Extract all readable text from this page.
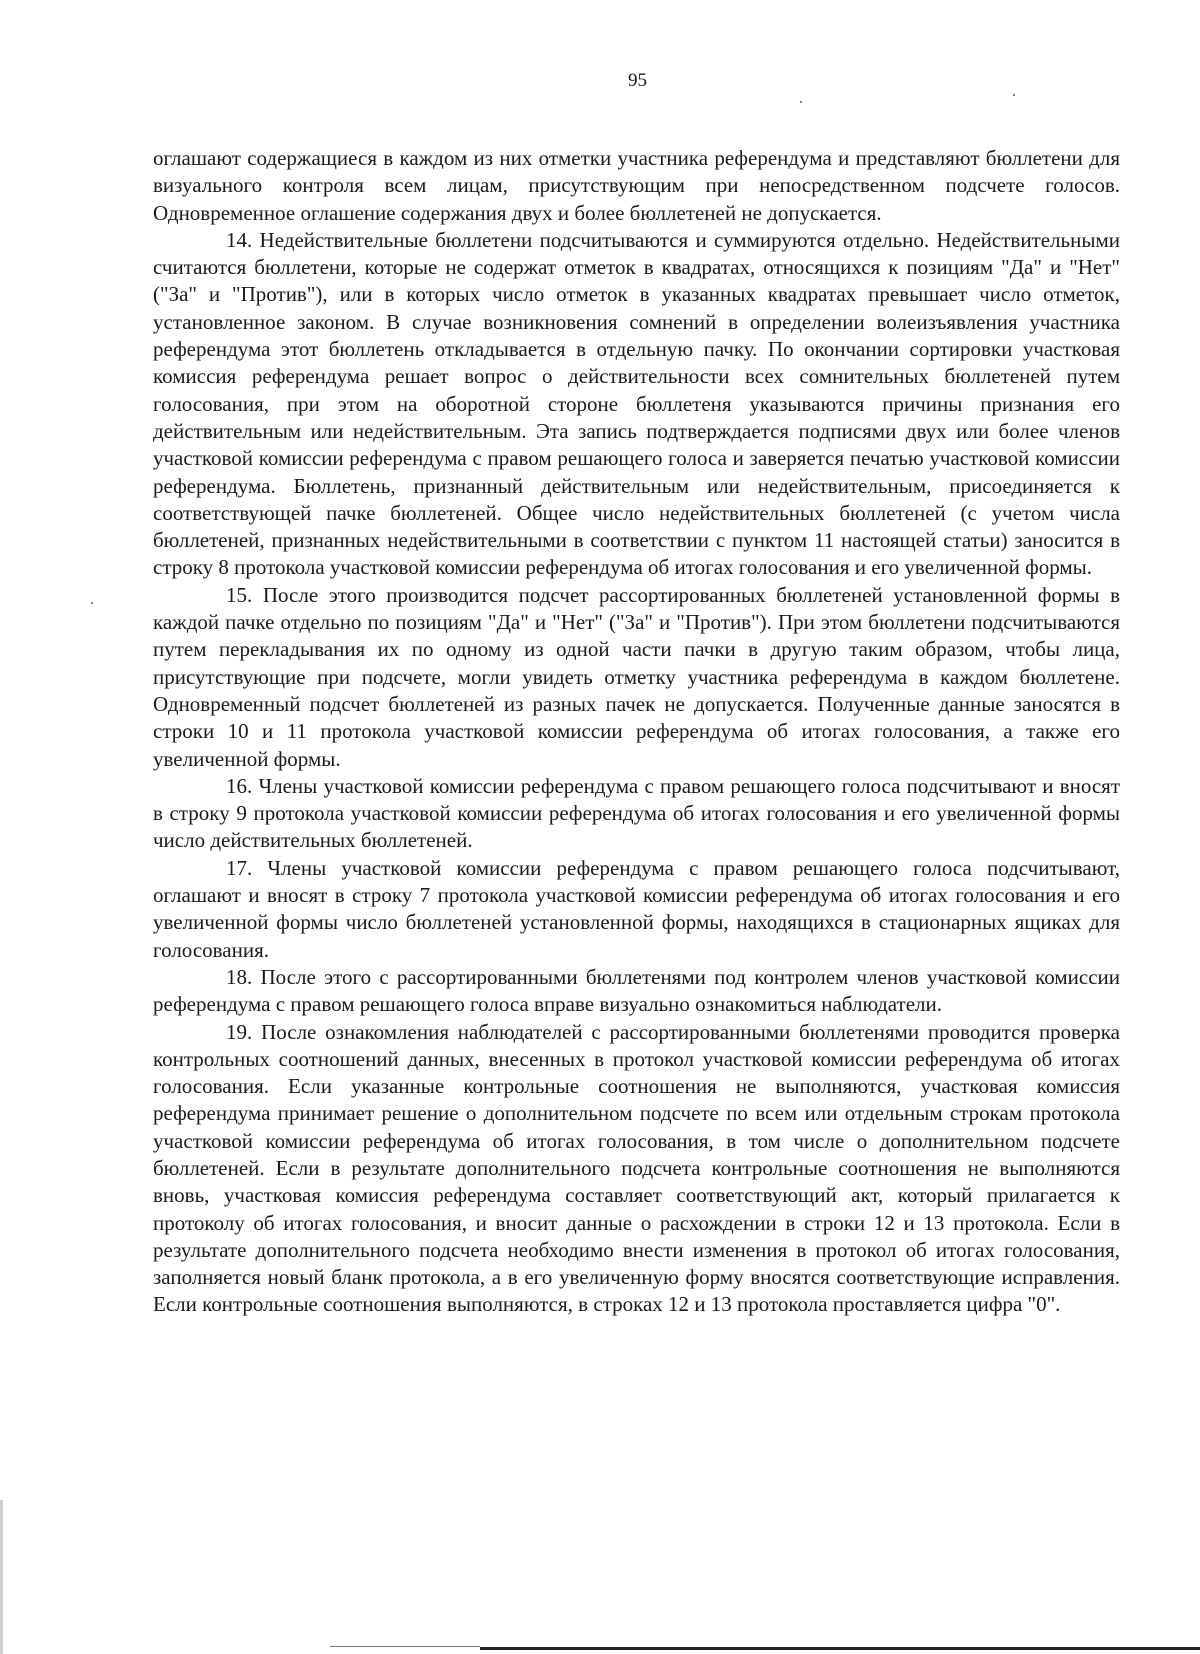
95

оглашают содержащиеся в каждом из них отметки участника референдума и представляют бюллетени для визуального контроля всем лицам, присутствующим при непосредственном подсчете голосов. Одновременное оглашение содержания двух и более бюллетеней не допускается.

14. Недействительные бюллетени подсчитываются и суммируются отдельно. Недействительными считаются бюллетени, которые не содержат отметок в квадратах, относящихся к позициям "Да" и "Нет" ("За" и "Против"), или в которых число отметок в указанных квадратах превышает число отметок, установленное законом. В случае возникновения сомнений в определении волеизъявления участника референдума этот бюллетень откладывается в отдельную пачку. По окончании сортировки участковая комиссия референдума решает вопрос о действительности всех сомнительных бюллетеней путем голосования, при этом на оборотной стороне бюллетеня указываются причины признания его действительным или недействительным. Эта запись подтверждается подписями двух или более членов участковой комиссии референдума с правом решающего голоса и заверяется печатью участковой комиссии референдума. Бюллетень, признанный действительным или недействительным, присоединяется к соответствующей пачке бюллетеней. Общее число недействительных бюллетеней (с учетом числа бюллетеней, признанных недействительными в соответствии с пунктом 11 настоящей статьи) заносится в строку 8 протокола участковой комиссии референдума об итогах голосования и его увеличенной формы.

15. После этого производится подсчет рассортированных бюллетеней установленной формы в каждой пачке отдельно по позициям "Да" и "Нет" ("За" и "Против"). При этом бюллетени подсчитываются путем перекладывания их по одному из одной части пачки в другую таким образом, чтобы лица, присутствующие при подсчете, могли увидеть отметку участника референдума в каждом бюллетене. Одновременный подсчет бюллетеней из разных пачек не допускается. Полученные данные заносятся в строки 10 и 11 протокола участковой комиссии референдума об итогах голосования, а также его увеличенной формы.

16. Члены участковой комиссии референдума с правом решающего голоса подсчитывают и вносят в строку 9 протокола участковой комиссии референдума об итогах голосования и его увеличенной формы число действительных бюллетеней.

17. Члены участковой комиссии референдума с правом решающего голоса подсчитывают, оглашают и вносят в строку 7 протокола участковой комиссии референдума об итогах голосования и его увеличенной формы число бюллетеней установленной формы, находящихся в стационарных ящиках для голосования.

18. После этого с рассортированными бюллетенями под контролем членов участковой комиссии референдума с правом решающего голоса вправе визуально ознакомиться наблюдатели.

19. После ознакомления наблюдателей с рассортированными бюллетенями проводится проверка контрольных соотношений данных, внесенных в протокол участковой комиссии референдума об итогах голосования. Если указанные контрольные соотношения не выполняются, участковая комиссия референдума принимает решение о дополнительном подсчете по всем или отдельным строкам протокола участковой комиссии референдума об итогах голосования, в том числе о дополнительном подсчете бюллетеней. Если в результате дополнительного подсчета контрольные соотношения не выполняются вновь, участковая комиссия референдума составляет соответствующий акт, который прилагается к протоколу об итогах голосования, и вносит данные о расхождении в строки 12 и 13 протокола. Если в результате дополнительного подсчета необходимо внести изменения в протокол об итогах голосования, заполняется новый бланк протокола, а в его увеличенную форму вносятся соответствующие исправления. Если контрольные соотношения выполняются, в строках 12 и 13 протокола проставляется цифра "0".
